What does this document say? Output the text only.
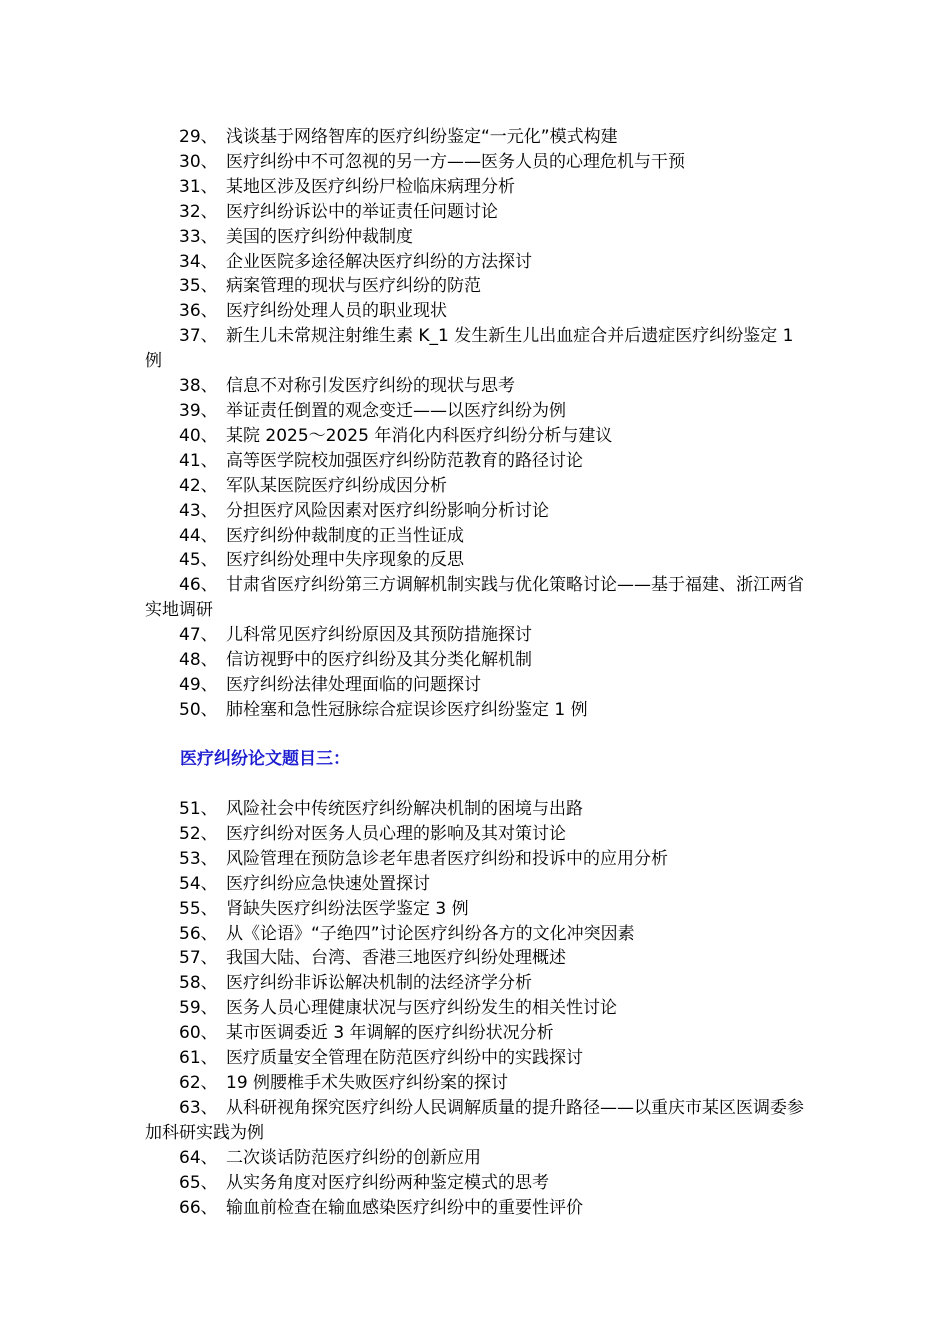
29、 浅谈基于网络智库的医疗纠纷鉴定“一元化”模式构建

30、 医疗纠纷中不可忽视的另一方——医务人员的心理危机与干预

31、 某地区涉及医疗纠纷尸检临床病理分析

32、 医疗纠纷诉讼中的举证责任问题讨论

33、 美国的医疗纠纷仲裁制度

34、 企业医院多途径解决医疗纠纷的方法探讨

35、 病案管理的现状与医疗纠纷的防范

36、 医疗纠纷处理人员的职业现状

37、 新生儿未常规注射维生素 K_1 发生新生儿出血症合并后遗症医疗纠纷鉴定 1 例

38、 信息不对称引发医疗纠纷的现状与思考

39、 举证责任倒置的观念变迁——以医疗纠纷为例

40、 某院 2025～2025 年消化内科医疗纠纷分析与建议

41、 高等医学院校加强医疗纠纷防范教育的路径讨论

42、 军队某医院医疗纠纷成因分析

43、 分担医疗风险因素对医疗纠纷影响分析讨论

44、 医疗纠纷仲裁制度的正当性证成

45、 医疗纠纷处理中失序现象的反思

46、 甘肃省医疗纠纷第三方调解机制实践与优化策略讨论——基于福建、浙江两省实地调研

47、 儿科常见医疗纠纷原因及其预防措施探讨

48、 信访视野中的医疗纠纷及其分类化解机制

49、 医疗纠纷法律处理面临的问题探讨

50、 肺栓塞和急性冠脉综合症误诊医疗纠纷鉴定 1 例

医疗纠纷论文题目三：

51、 风险社会中传统医疗纠纷解决机制的困境与出路

52、 医疗纠纷对医务人员心理的影响及其对策讨论

53、 风险管理在预防急诊老年患者医疗纠纷和投诉中的应用分析

54、 医疗纠纷应急快速处置探讨

55、 肾缺失医疗纠纷法医学鉴定 3 例

56、 从《论语》“子绝四”讨论医疗纠纷各方的文化冲突因素

57、 我国大陆、台湾、香港三地医疗纠纷处理概述

58、 医疗纠纷非诉讼解决机制的法经济学分析

59、 医务人员心理健康状况与医疗纠纷发生的相关性讨论

60、 某市医调委近 3 年调解的医疗纠纷状况分析

61、 医疗质量安全管理在防范医疗纠纷中的实践探讨

62、 19 例腰椎手术失败医疗纠纷案的探讨

63、 从科研视角探究医疗纠纷人民调解质量的提升路径——以重庆市某区医调委参加科研实践为例

64、 二次谈话防范医疗纠纷的创新应用

65、 从实务角度对医疗纠纷两种鉴定模式的思考

66、 输血前检查在输血感染医疗纠纷中的重要性评价
